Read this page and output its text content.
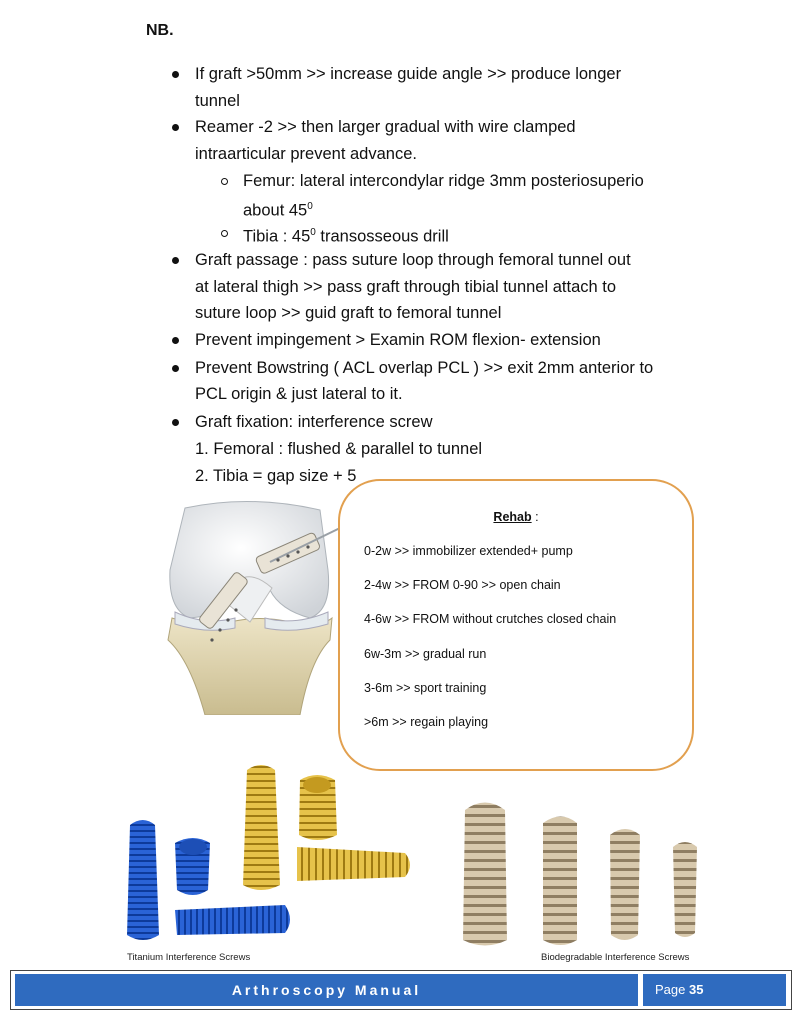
NB.
If graft >50mm >> increase guide angle >> produce longer
tunnel
Reamer -2 >> then larger gradual with wire clamped
intraarticular prevent advance.
Femur: lateral intercondylar ridge 3mm posteriosuperio
about $45^0$
Tibia : $45^0$ transosseous drill
Graft passage : pass suture loop through femoral tunnel out
at lateral thigh >> pass graft through tibial tunnel attach to
suture loop >> guid graft to femoral tunnel
Prevent impingement > Examin ROM flexion- extension
Prevent Bowstring ( ACL overlap PCL ) >> exit 2mm anterior to
PCL origin & just lateral to it.
Graft fixation: interference screw
1. Femoral : flushed & parallel to tunnel
2. Tibia = gap size + 5
Rehab :
0-2w >> immobilizer extended+ pump
2-4w >> FROM 0-90 >> open chain
4-6w >> FROM without crutches closed chain
6w-3m >> gradual run
3-6m >> sport training
>6m >> regain playing
Titanium Interference Screws	Biodegradable Interference Screws
Arthroscopy Manual	Page 35
